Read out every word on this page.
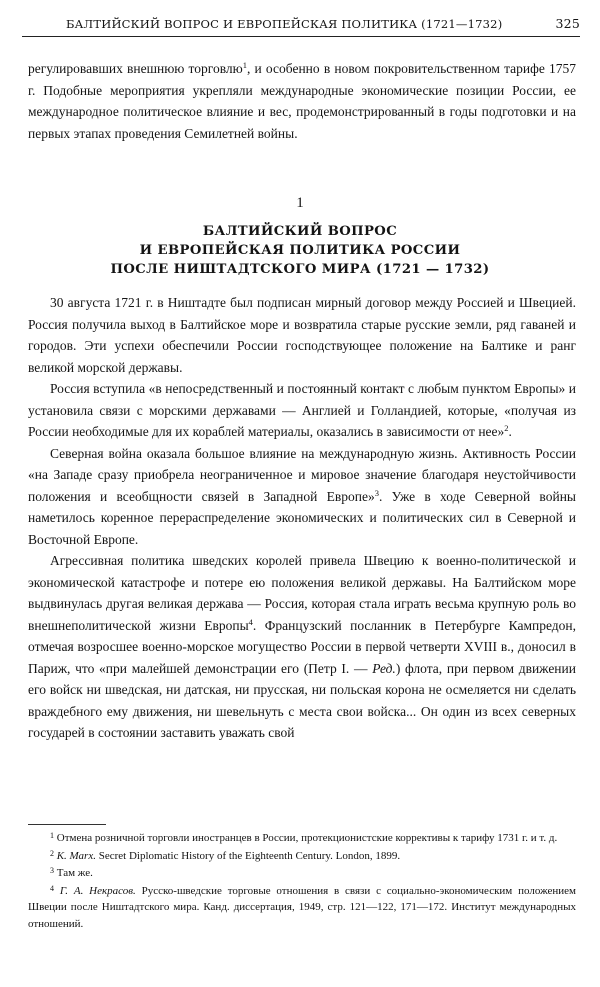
БАЛТИЙСКИЙ ВОПРОС И ЕВРОПЕЙСКАЯ ПОЛИТИКА (1721—1732)	325

регулировавших внешнюю торговлю$^1$, и особенно в новом покровительственном тарифе 1757 г. Подобные мероприятия укрепляли международные экономические позиции России, ее международное политическое влияние и вес, продемонстрированный в годы подготовки и на первых этапах проведения Семилетней войны.

1
БАЛТИЙСКИЙ ВОПРОС
И ЕВРОПЕЙСКАЯ ПОЛИТИКА РОССИИ
ПОСЛЕ НИШТАДТСКОГО МИРА (1721 — 1732)

30 августа 1721 г. в Ништадте был подписан мирный договор между Россией и Швецией. Россия получила выход в Балтийское море и возвратила старые русские земли, ряд гаваней и городов. Эти успехи обеспечили России господствующее положение на Балтике и ранг великой морской державы.

Россия вступила «в непосредственный и постоянный контакт с любым пунктом Европы» и установила связи с морскими державами — Англией и Голландией, которые, «получая из России необходимые для их кораблей материалы, оказались в зависимости от нее»$^2$.

Северная война оказала большое влияние на международную жизнь. Активность России «на Западе сразу приобрела неограниченное и мировое значение благодаря неустойчивости положения и всеобщности связей в Западной Европе»$^3$. Уже в ходе Северной войны наметилось коренное перераспределение экономических и политических сил в Северной и Восточной Европе.

Агрессивная политика шведских королей привела Швецию к военно-политической и экономической катастрофе и потере ею положения великой державы. На Балтийском море выдвинулась другая великая держава — Россия, которая стала играть весьма крупную роль во внешнеполитической жизни Европы$^4$. Французский посланник в Петербурге Кампредон, отмечая возросшее военно-морское могущество России в первой четверти XVIII в., доносил в Париж, что «при малейшей демонстрации его (Петр I. — Ред.) флота, при первом движении его войск ни шведская, ни датская, ни прусская, ни польская корона не осмеляется ни сделать враждебного ему движения, ни шевельнуть с места свои войска... Он один из всех северных государей в состоянии заставить уважать свой

$^1$ Отмена розничной торговли иностранцев в России, протекционистские коррективы к тарифу 1731 г. и т. д.

$^2$ К. Маrх. Secret Diplomatic History of the Eighteenth Century. London, 1899.

$^3$ Там же.

$^4$ Г. А. Некрасов. Русско-шведские торговые отношения в связи с социально-экономическим положением Швеции после Ништадтского мира. Канд. диссертация, 1949, стр. 121—122, 171—172. Институт международных отношений.
